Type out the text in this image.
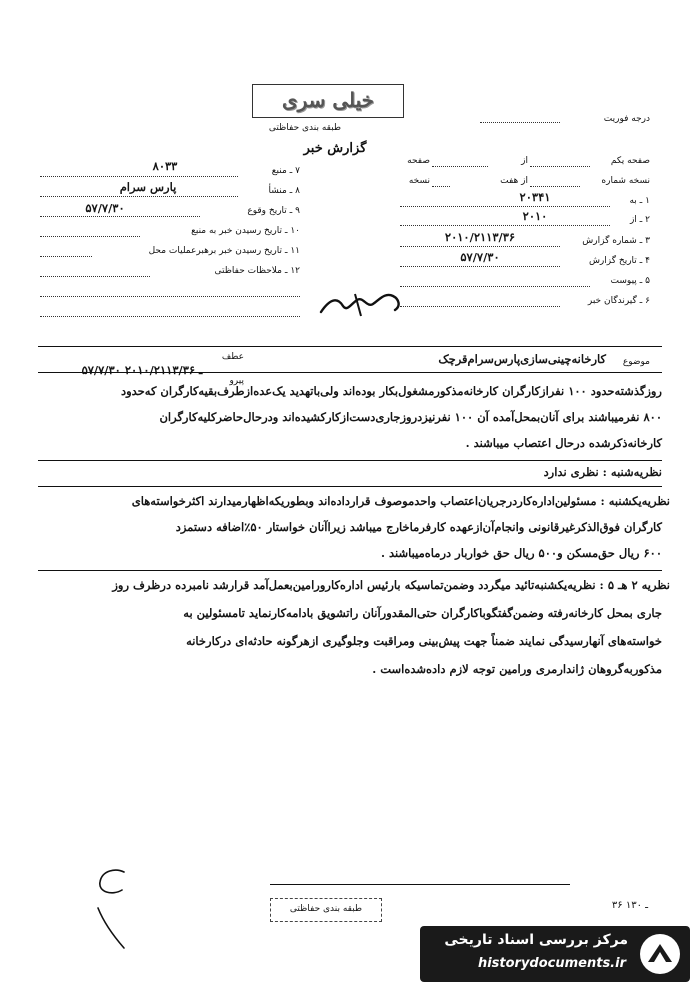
خیلی سری
طبقه بندی حفاظتی
گزارش خبر
درجه فوریت
۷ ـ منبع
۸۰۳۳
۸ ـ منشأ
پارس سرام
۹ ـ تاریخ وقوع
۵۷/۷/۳۰
۱۰ ـ تاریخ رسیدن خبر به منبع
۱۱ ـ تاریخ رسیدن خبر برهبرعملیات محل
۱۲ ـ ملاحظات حفاظتی
صفحه یکم
از
صفحه
نسخه شماره
از هفت
نسخه
۱ ـ به
۲۰۳۴۱
۲ ـ از
۲۰۱۰
۳ ـ شماره گزارش
۲۰۱۰/۲۱۱۳/۳۶
۴ ـ تاریخ گزارش
۵۷/۷/۳۰
۵ ـ پیوست
۶ ـ گیرندگان خبر
موضوع
کارخانه‌چینی‌سازی‌پارس‌سرام‌قرچک
عطف
۵۷/۷/۳۰ ـ ۲۰۱۰/۲۱۱۳/۳۶
پیرو
روزگذشته‌حدود ۱۰۰ نفرازکارگران کارخانه‌مذکورمشغول‌بکار بوده‌اند ولی‌باتهدید یک‌عده‌ازطرف‌بقیه‌کارگران که‌حدود
۸۰۰ نفرمیباشند برای آنان‌بمحل‌آمده آن ۱۰۰ نفرنیزدروزجاری‌دست‌ازکارکشیده‌اند ودرحال‌حاضرکلیه‌کارگران
کارخانه‌ذکرشده درحال اعتصاب میباشند .
نظریه‌شنبه : نظری ندارد
نظریه‌یکشنبه : مسئولین‌اداره‌کاردرجریان‌اعتصاب واحدموصوف قرارداده‌اند وبطوریکه‌اظهارمیدارند اکثرخواسته‌های
کارگران فوق‌الذکرغیرقانونی وانجام‌آن‌ازعهده کارفرماخارج میباشد زیراآنان خواستار ۵۰٪اضافه دستمزد
۶۰۰ ریال حق‌مسکن و۵۰۰ ریال حق خواربار درماه‌میباشند .
نظریه ۲ هـ ۵ : نظریه‌یکشنبه‌تائید میگردد وضمن‌تماسیکه بارئیس اداره‌کارورامین‌بعمل‌آمد قرارشد نامبرده درظرف روز
جاری بمحل کارخانه‌رفته وضمن‌گفتگوباکارگران حتی‌المقدورآنان راتشویق بادامه‌کارنماید تامسئولین به
خواسته‌های آنهارسیدگی نمایند ضمناً جهت پیش‌بینی ومراقبت وجلوگیری ازهرگونه حادثه‌ای درکارخانه
مذکوربه‌گروهان ژاندارمری ورامین توجه لازم داده‌شده‌است .
طبقه بندی حفاظتی	۳۶ ـ ۱۳۰
مرکز بررسی اسناد تاریخی
historydocuments.ir
